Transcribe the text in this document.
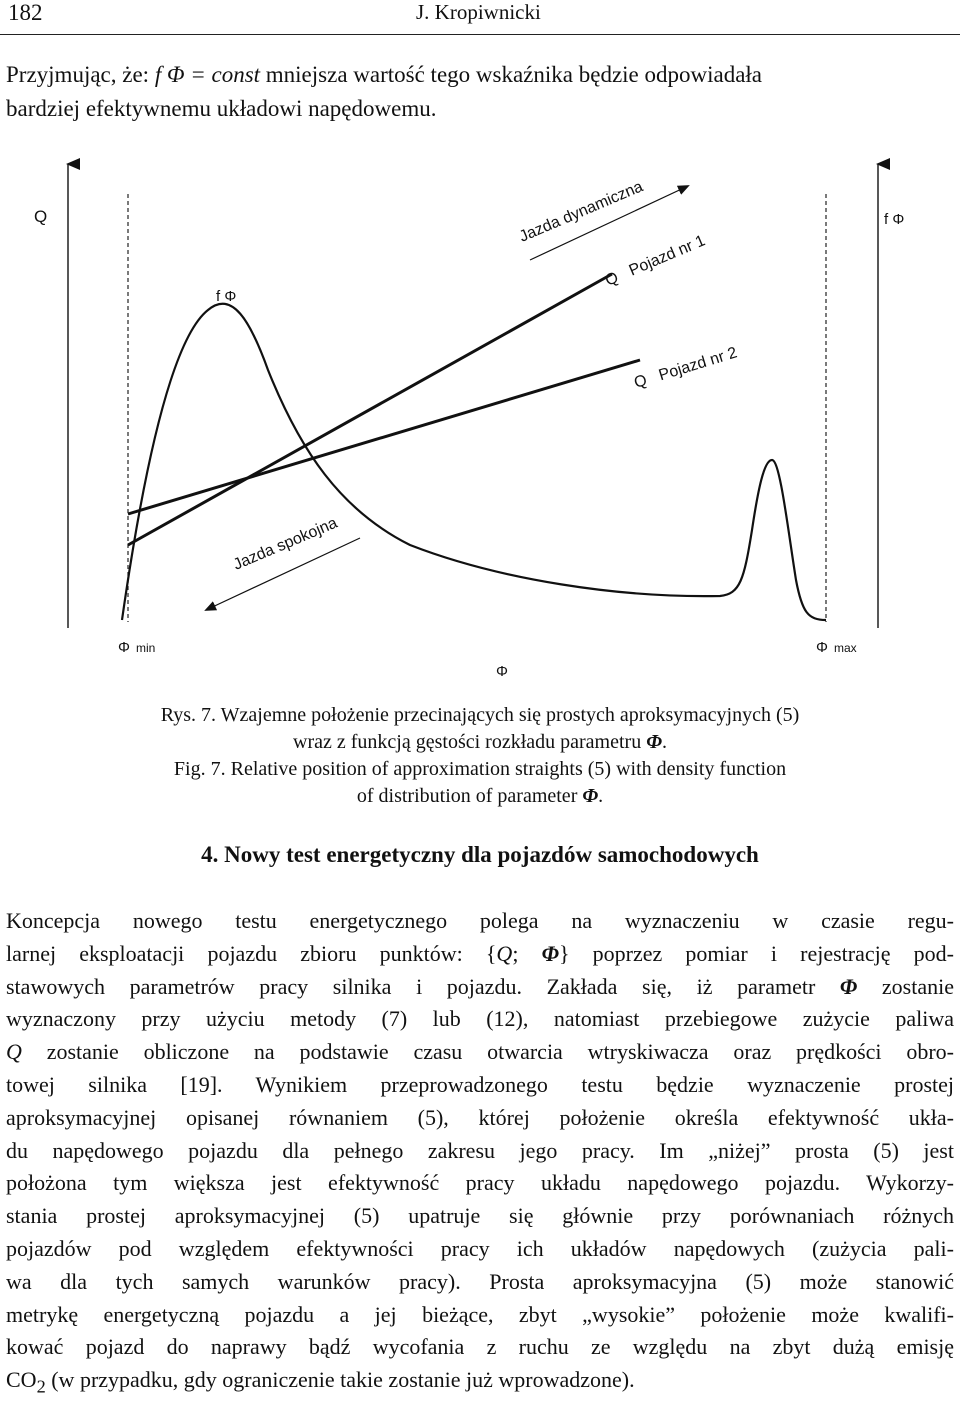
182	J. Kropiwnicki
Przyjmując, że: f Φ = const mniejsza wartość tego wskaźnika będzie odpowiadała
bardziej efektywnemu układowi napędowemu.
Q	f Φ
f Φ
Jazda dynamiczna
Q   Pojazd nr 1
Q   Pojazd nr 2
Jazda spokojna
Φ min	Φ max
Φ
Rys. 7. Wzajemne położenie przecinających się prostych aproksymacyjnych (5)
wraz z funkcją gęstości rozkładu parametru Φ.
Fig. 7. Relative position of approximation straights (5) with density function
of distribution of parameter Φ.
4. Nowy test energetyczny dla pojazdów samochodowych
Koncepcja nowego testu energetycznego polega na wyznaczeniu w czasie regu-
larnej eksploatacji pojazdu zbioru punktów: {Q; Φ} poprzez pomiar i rejestrację pod-
stawowych parametrów pracy silnika i pojazdu. Zakłada się, iż parametr Φ zostanie
wyznaczony przy użyciu metody (7) lub (12), natomiast przebiegowe zużycie paliwa
Q zostanie obliczone na podstawie czasu otwarcia wtryskiwacza oraz prędkości obro-
towej silnika [19]. Wynikiem przeprowadzonego testu będzie wyznaczenie prostej
aproksymacyjnej opisanej równaniem (5), której położenie określa efektywność ukła-
du napędowego pojazdu dla pełnego zakresu jego pracy. Im „niżej” prosta (5) jest
położona tym większa jest efektywność pracy układu napędowego pojazdu. Wykorzy-
stania prostej aproksymacyjnej (5) upatruje się głównie przy porównaniach różnych
pojazdów pod względem efektywności pracy ich układów napędowych (zużycia pali-
wa dla tych samych warunków pracy). Prosta aproksymacyjna (5) może stanowić
metrykę energetyczną pojazdu a jej bieżące, zbyt „wysokie” położenie może kwalifi-
kować pojazd do naprawy bądź wycofania z ruchu ze względu na zbyt dużą emisję
$CO_2$ (w przypadku, gdy ograniczenie takie zostanie już wprowadzone).
